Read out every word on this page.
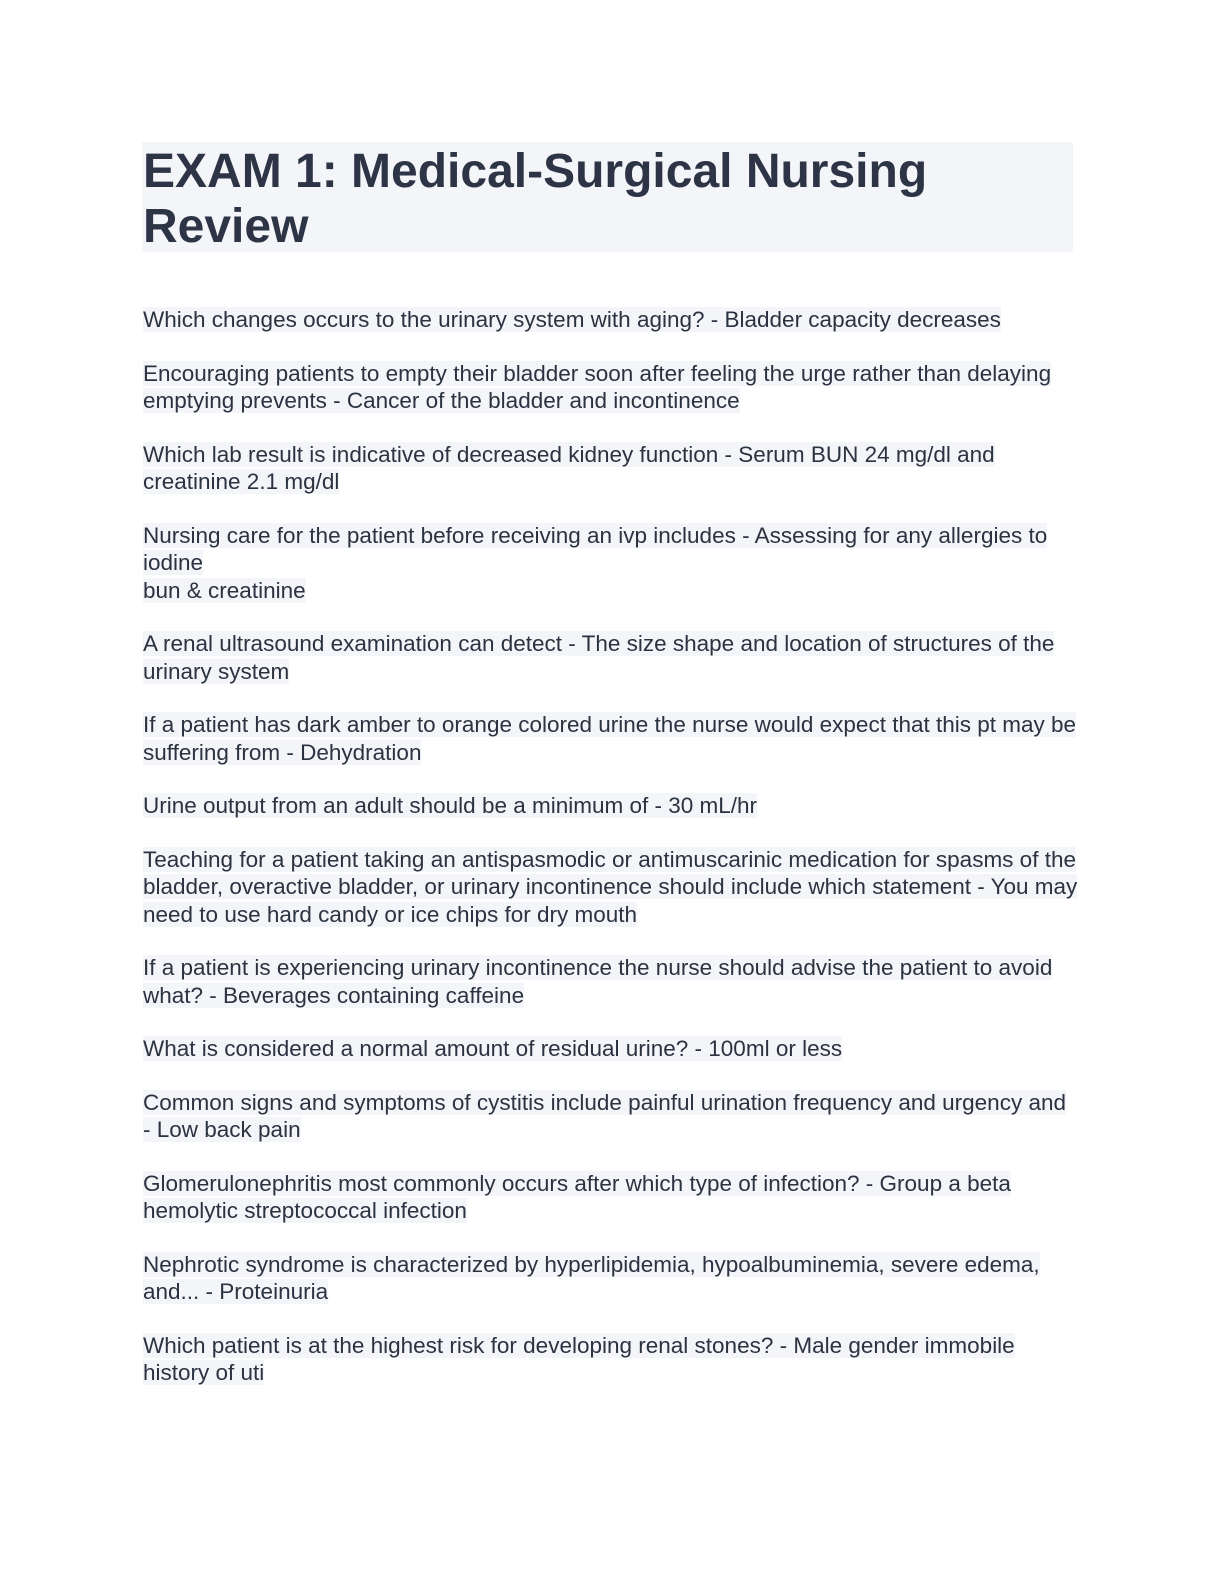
EXAM 1: Medical-Surgical Nursing Review

Which changes occurs to the urinary system with aging? - Bladder capacity decreases

Encouraging patients to empty their bladder soon after feeling the urge rather than delaying emptying prevents - Cancer of the bladder and incontinence

Which lab result is indicative of decreased kidney function - Serum BUN 24 mg/dl and creatinine 2.1 mg/dl

Nursing care for the patient before receiving an ivp includes - Assessing for any allergies to iodine
bun & creatinine

A renal ultrasound examination can detect - The size shape and location of structures of the urinary system

If a patient has dark amber to orange colored urine the nurse would expect that this pt may be suffering from - Dehydration

Urine output from an adult should be a minimum of - 30 mL/hr

Teaching for a patient taking an antispasmodic or antimuscarinic medication for spasms of the bladder, overactive bladder, or urinary incontinence should include which statement - You may need to use hard candy or ice chips for dry mouth

If a patient is experiencing urinary incontinence the nurse should advise the patient to avoid what? - Beverages containing caffeine

What is considered a normal amount of residual urine? - 100ml or less

Common signs and symptoms of cystitis include painful urination frequency and urgency and - Low back pain

Glomerulonephritis most commonly occurs after which type of infection? - Group a beta hemolytic streptococcal infection

Nephrotic syndrome is characterized by hyperlipidemia, hypoalbuminemia, severe edema, and... - Proteinuria

Which patient is at the highest risk for developing renal stones? - Male gender immobile history of uti
